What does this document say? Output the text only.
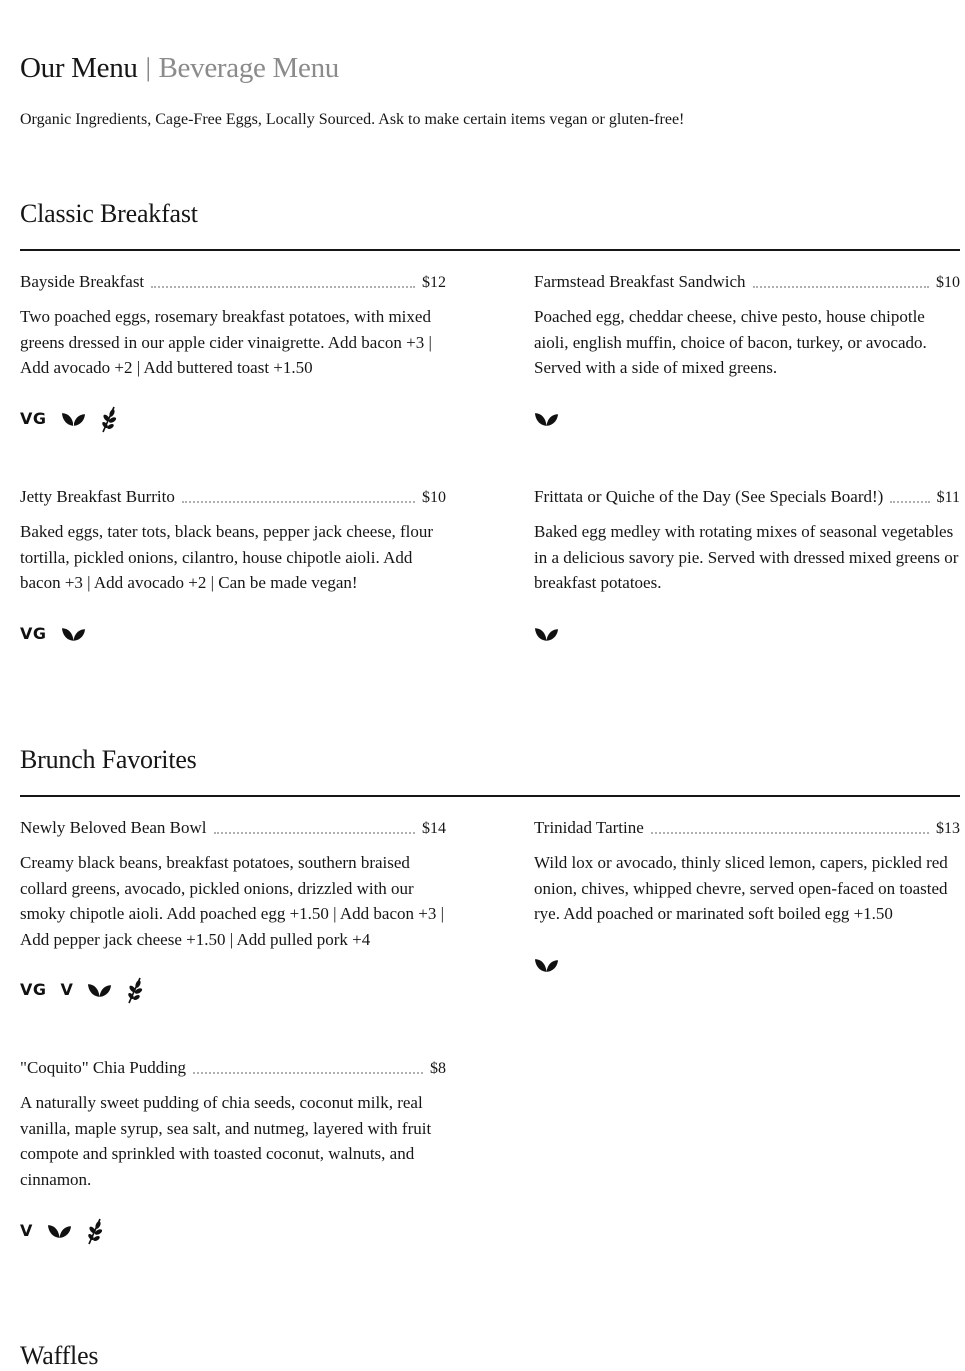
Our Menu | Beverage Menu
Organic Ingredients, Cage-Free Eggs, Locally Sourced. Ask to make certain items vegan or gluten-free!
Classic Breakfast
Bayside Breakfast	$12
Two poached eggs, rosemary breakfast potatoes, with mixed greens dressed in our apple cider vinaigrette. Add bacon +3 | Add avocado +2 | Add buttered toast +1.50
VG
Farmstead Breakfast Sandwich	$10
Poached egg, cheddar cheese, chive pesto, house chipotle aioli, english muffin, choice of bacon, turkey, or avocado. Served with a side of mixed greens.
Jetty Breakfast Burrito	$10
Baked eggs, tater tots, black beans, pepper jack cheese, flour tortilla, pickled onions, cilantro, house chipotle aioli. Add bacon +3 | Add avocado +2 | Can be made vegan!
VG
Frittata or Quiche of the Day (See Specials Board!)	$11
Baked egg medley with rotating mixes of seasonal vegetables in a delicious savory pie. Served with dressed mixed greens or breakfast potatoes.
Brunch Favorites
Newly Beloved Bean Bowl	$14
Creamy black beans, breakfast potatoes, southern braised collard greens, avocado, pickled onions, drizzled with our smoky chipotle aioli. Add poached egg +1.50 | Add bacon +3 | Add pepper jack cheese +1.50 | Add pulled pork +4
VG V
Trinidad Tartine	$13
Wild lox or avocado, thinly sliced lemon, capers, pickled red onion, chives, whipped chevre, served open-faced on toasted rye. Add poached or marinated soft boiled egg +1.50
"Coquito" Chia Pudding	$8
A naturally sweet pudding of chia seeds, coconut milk, real vanilla, maple syrup, sea salt, and nutmeg, layered with fruit compote and sprinkled with toasted coconut, walnuts, and cinnamon.
V
Waffles
